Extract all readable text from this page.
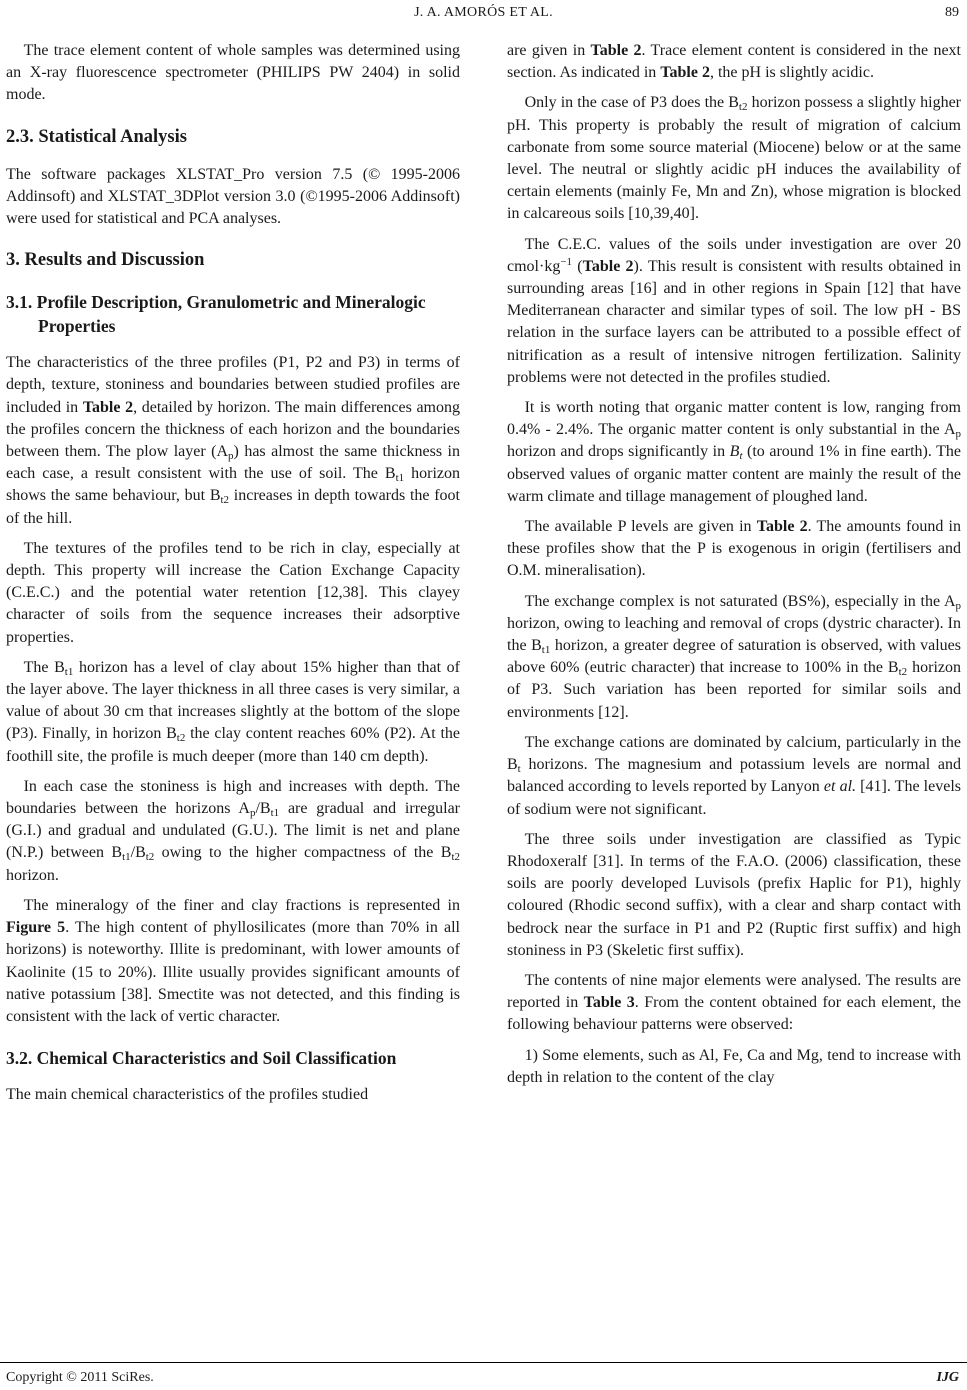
J. A. AMORÓS ET AL.	89

The trace element content of whole samples was determined using an X-ray fluorescence spectrometer (PHILIPS PW 2404) in solid mode.

2.3. Statistical Analysis

The software packages XLSTAT_Pro version 7.5 (© 1995-2006 Addinsoft) and XLSTAT_3DPlot version 3.0 (©1995-2006 Addinsoft) were used for statistical and PCA analyses.

3. Results and Discussion
3.1. Profile Description, Granulometric and Mineralogic Properties

The characteristics of the three profiles (P1, P2 and P3) in terms of depth, texture, stoniness and boundaries between studied profiles are included in Table 2, detailed by horizon. The main differences among the profiles concern the thickness of each horizon and the boundaries between them. The plow layer $(A_p)$ has almost the same thickness in each case, a result consistent with the use of soil. The $B_{t1}$ horizon shows the same behaviour, but $B_{t2}$ increases in depth towards the foot of the hill.

The textures of the profiles tend to be rich in clay, especially at depth. This property will increase the Cation Exchange Capacity (C.E.C.) and the potential water retention [12,38]. This clayey character of soils from the sequence increases their adsorptive properties.

The $B_{t1}$ horizon has a level of clay about 15% higher than that of the layer above. The layer thickness in all three cases is very similar, a value of about 30 cm that increases slightly at the bottom of the slope (P3). Finally, in horizon $B_{t2}$ the clay content reaches 60% (P2). At the foothill site, the profile is much deeper (more than 140 cm depth).

In each case the stoniness is high and increases with depth. The boundaries between the horizons $A_p/B_{t1}$ are gradual and irregular (G.I.) and gradual and undulated (G.U.). The limit is net and plane (N.P.) between $B_{t1}/B_{t2}$ owing to the higher compactness of the $B_{t2}$ horizon.

The mineralogy of the finer and clay fractions is represented in Figure 5. The high content of phyllosilicates (more than 70% in all horizons) is noteworthy. Illite is predominant, with lower amounts of Kaolinite (15 to 20%). Illite usually provides significant amounts of native potassium [38]. Smectite was not detected, and this finding is consistent with the lack of vertic character.

3.2. Chemical Characteristics and Soil Classification

The main chemical characteristics of the profiles studied

are given in Table 2. Trace element content is considered in the next section. As indicated in Table 2, the pH is slightly acidic.

Only in the case of P3 does the $B_{t2}$ horizon possess a slightly higher pH. This property is probably the result of migration of calcium carbonate from some source material (Miocene) below or at the same level. The neutral or slightly acidic pH induces the availability of certain elements (mainly Fe, Mn and Zn), whose migration is blocked in calcareous soils [10,39,40].

The C.E.C. values of the soils under investigation are over 20 $cmol\cdot kg^{-1}$ (Table 2). This result is consistent with results obtained in surrounding areas [16] and in other regions in Spain [12] that have Mediterranean character and similar types of soil. The low pH - BS relation in the surface layers can be attributed to a possible effect of nitrification as a result of intensive nitrogen fertilization. Salinity problems were not detected in the profiles studied.

It is worth noting that organic matter content is low, ranging from 0.4% - 2.4%. The organic matter content is only substantial in the $A_p$ horizon and drops significantly in $B_t$ (to around 1% in fine earth). The observed values of organic matter content are mainly the result of the warm climate and tillage management of ploughed land.

The available P levels are given in Table 2. The amounts found in these profiles show that the P is exogenous in origin (fertilisers and O.M. mineralisation).

The exchange complex is not saturated (BS%), especially in the $A_p$ horizon, owing to leaching and removal of crops (dystric character). In the $B_{t1}$ horizon, a greater degree of saturation is observed, with values above 60% (eutric character) that increase to 100% in the $B_{t2}$ horizon of P3. Such variation has been reported for similar soils and environments [12].

The exchange cations are dominated by calcium, particularly in the $B_t$ horizons. The magnesium and potassium levels are normal and balanced according to levels reported by Lanyon et al. [41]. The levels of sodium were not significant.

The three soils under investigation are classified as Typic Rhodoxeralf [31]. In terms of the F.A.O. (2006) classification, these soils are poorly developed Luvisols (prefix Haplic for P1), highly coloured (Rhodic second suffix), with a clear and sharp contact with bedrock near the surface in P1 and P2 (Ruptic first suffix) and high stoniness in P3 (Skeletic first suffix).

The contents of nine major elements were analysed. The results are reported in Table 3. From the content obtained for each element, the following behaviour patterns were observed:

1) Some elements, such as Al, Fe, Ca and Mg, tend to increase with depth in relation to the content of the clay

Copyright © 2011 SciRes.	IJG
